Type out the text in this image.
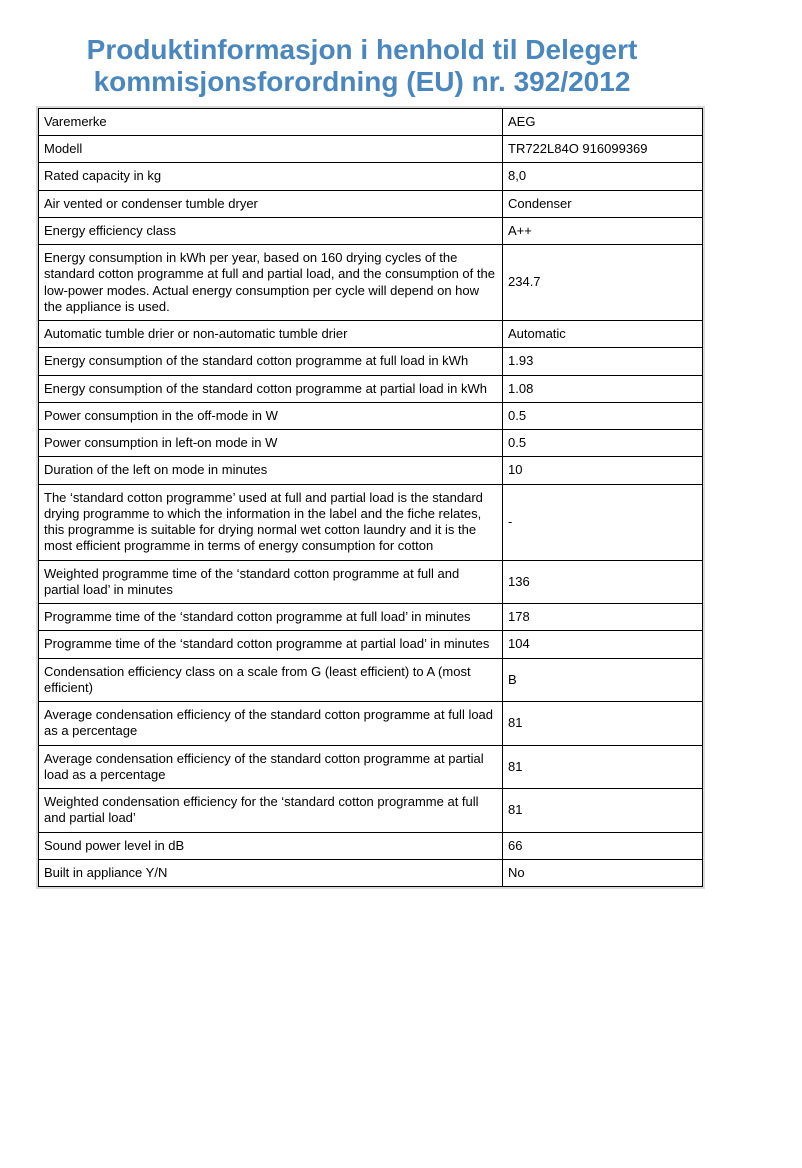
Produktinformasjon i henhold til Delegert
kommisjonsforordning (EU) nr. 392/2012
Varemerke	AEG
Modell	TR722L84O 916099369
Rated capacity in kg	8,0
Air vented or condenser tumble dryer	Condenser
Energy efficiency class	A++
Energy consumption in kWh per year, based on 160 drying cycles of the standard cotton programme at full and partial load, and the consumption of the low-power modes. Actual energy consumption per cycle will depend on how the appliance is used.	234.7
Automatic tumble drier or non-automatic tumble drier	Automatic
Energy consumption of the standard cotton programme at full load in kWh	1.93
Energy consumption of the standard cotton programme at partial load in kWh	1.08
Power consumption in the off-mode in W	0.5
Power consumption in left-on mode in W	0.5
Duration of the left on mode in minutes	10
The ‘standard cotton programme’ used at full and partial load is the standard drying programme to which the information in the label and the fiche relates, this programme is suitable for drying normal wet cotton laundry and it is the most efficient programme in terms of energy consumption for cotton	-
Weighted programme time of the ‘standard cotton programme at full and partial load’ in minutes	136
Programme time of the ‘standard cotton programme at full load’ in minutes	178
Programme time of the ‘standard cotton programme at partial load’ in minutes	104
Condensation efficiency class on a scale from G (least efficient) to A (most efficient)	B
Average condensation efficiency of the standard cotton programme at full load as a percentage	81
Average condensation efficiency of the standard cotton programme at partial load as a percentage	81
Weighted condensation efficiency for the ‘standard cotton programme at full and partial load’	81
Sound power level in dB	66
Built in appliance Y/N	No
